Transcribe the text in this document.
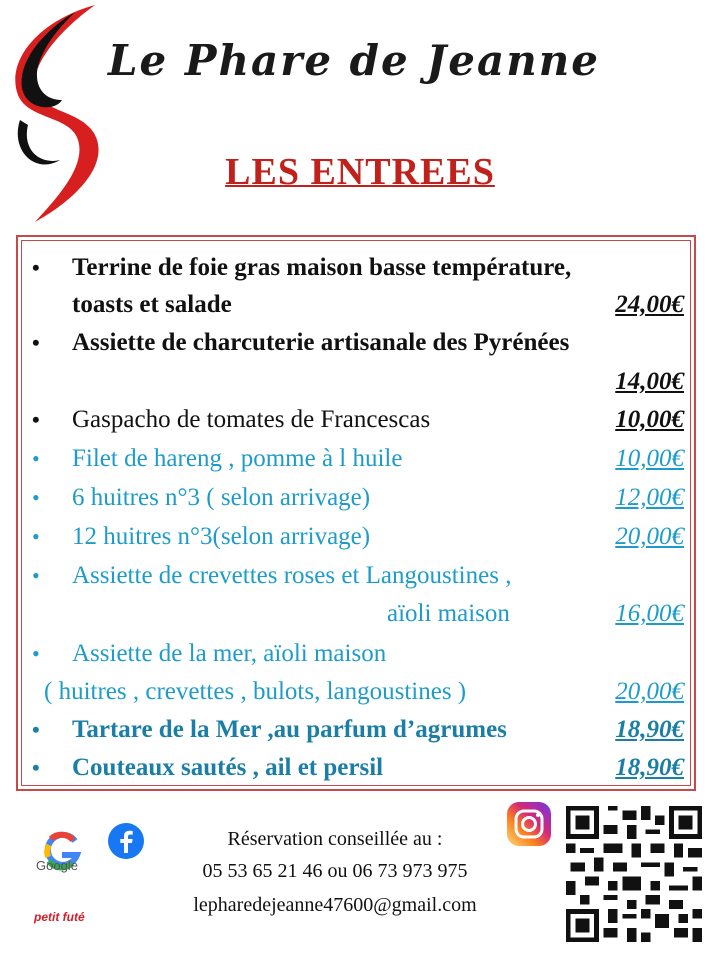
Le Phare de Jeanne
LES ENTREES
• Terrine de foie gras maison basse température,
toasts et salade	24,00€
• Assiette de charcuterie artisanale des Pyrénées
14,00€
• Gaspacho de tomates de Francescas	10,00€
• Filet de hareng , pomme à l huile	10,00€
• 6 huitres n°3 ( selon arrivage)	12,00€
• 12 huitres n°3(selon arrivage)	20,00€
• Assiette de crevettes roses et Langoustines ,
aïoli maison	16,00€
• Assiette de la mer, aïoli maison
( huitres , crevettes , bulots, langoustines )	20,00€
• Tartare de la Mer ,au parfum d’agrumes	18,90€
• Couteaux sautés , ail et persil	18,90€
Google
petit futé
Réservation conseillée au :
05 53 65 21 46 ou 06 73 973 975
lepharedejeanne47600@gmail.com
